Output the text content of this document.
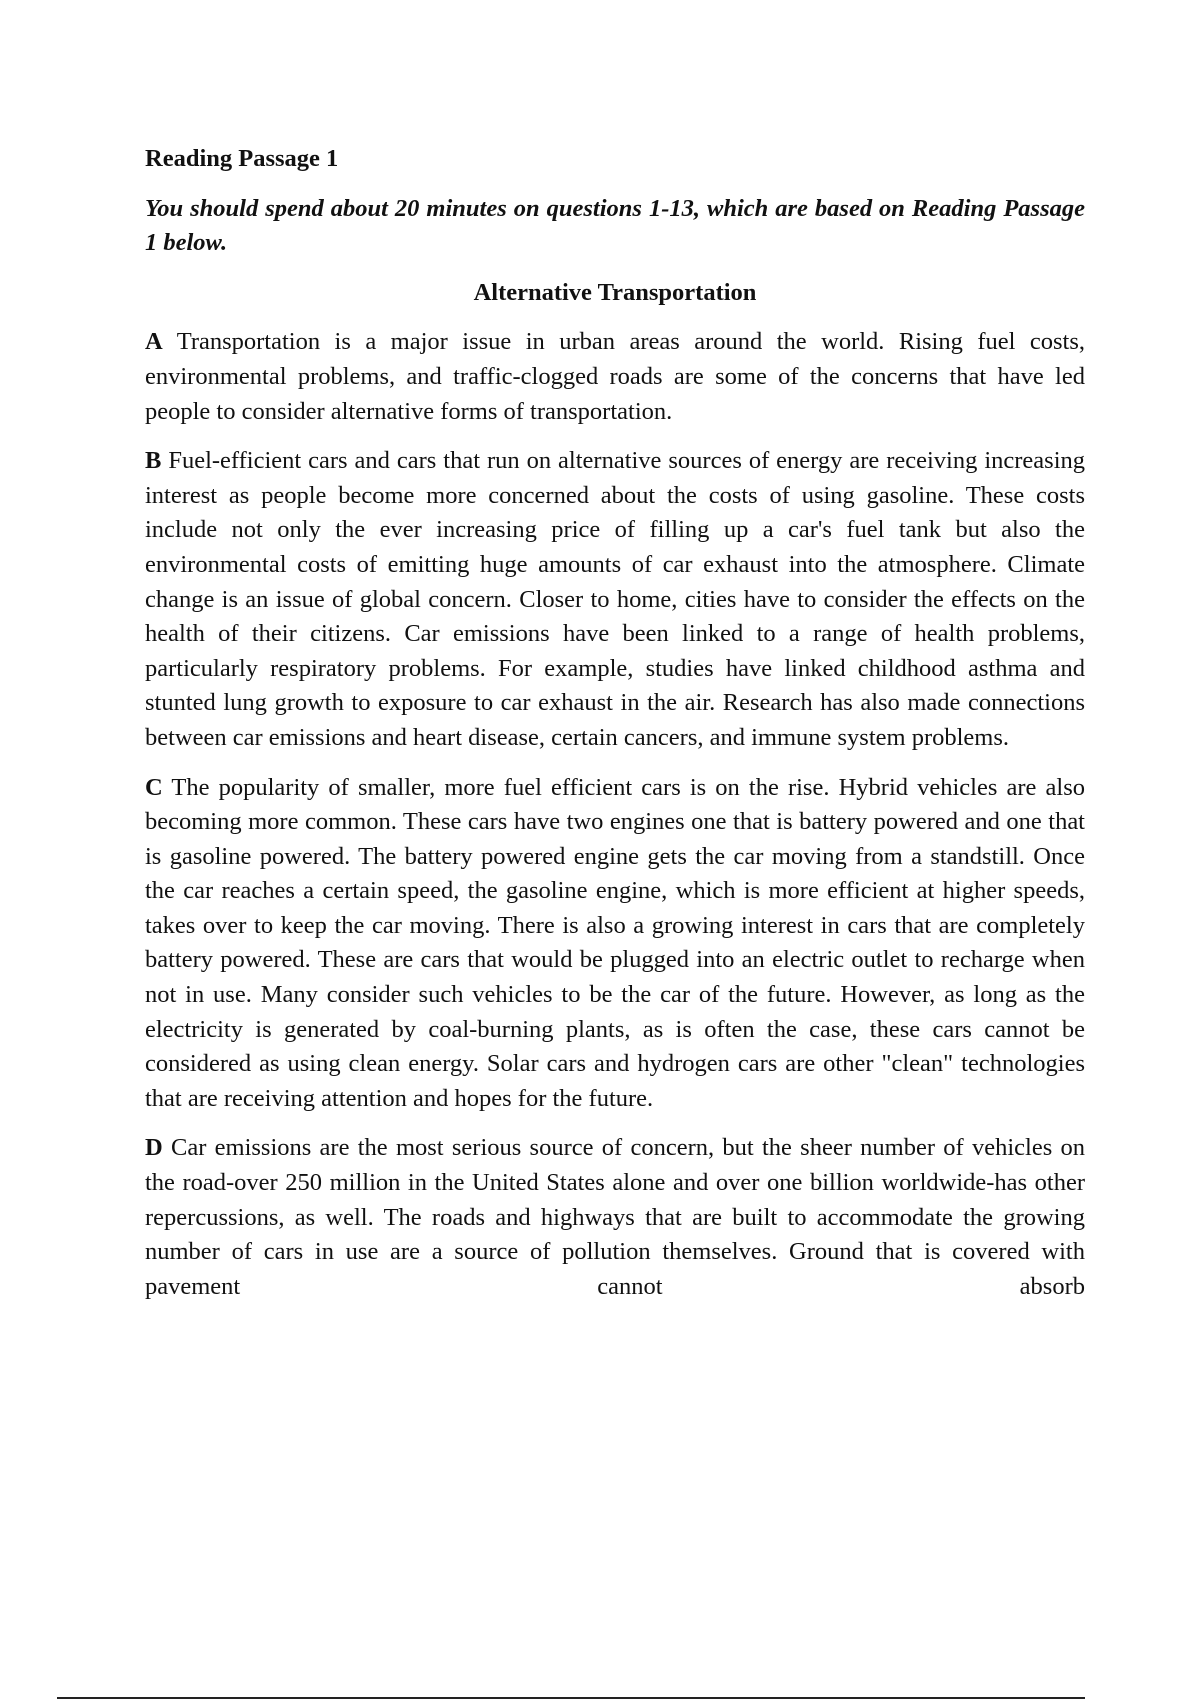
Reading Passage 1

You should spend about 20 minutes on questions 1-13, which are based on Reading Passage 1 below.

Alternative Transportation

A Transportation is a major issue in urban areas around the world. Rising fuel costs, environmental problems, and traffic-clogged roads are some of the concerns that have led people to consider alternative forms of transportation.

B Fuel-efficient cars and cars that run on alternative sources of energy are receiving increasing interest as people become more concerned about the costs of using gasoline. These costs include not only the ever increasing price of filling up a car's fuel tank but also the environmental costs of emitting huge amounts of car exhaust into the atmosphere. Climate change is an issue of global concern. Closer to home, cities have to consider the effects on the health of their citizens. Car emissions have been linked to a range of health problems, particularly respiratory problems. For example, studies have linked childhood asthma and stunted lung growth to exposure to car exhaust in the air. Research has also made connections between car emissions and heart disease, certain cancers, and immune system problems.

C The popularity of smaller, more fuel efficient cars is on the rise. Hybrid vehicles are also becoming more common. These cars have two engines one that is battery powered and one that is gasoline powered. The battery powered engine gets the car moving from a standstill. Once the car reaches a certain speed, the gasoline engine, which is more efficient at higher speeds, takes over to keep the car moving. There is also a growing interest in cars that are completely battery powered. These are cars that would be plugged into an electric outlet to recharge when not in use. Many consider such vehicles to be the car of the future. However, as long as the electricity is generated by coal-burning plants, as is often the case, these cars cannot be considered as using clean energy. Solar cars and hydrogen cars are other "clean" technologies that are receiving attention and hopes for the future.

D Car emissions are the most serious source of concern, but the sheer number of vehicles on the road-over 250 million in the United States alone and over one billion worldwide-has other repercussions, as well. The roads and highways that are built to accommodate the growing number of cars in use are a source of pollution themselves. Ground that is covered with pavement cannot absorb
